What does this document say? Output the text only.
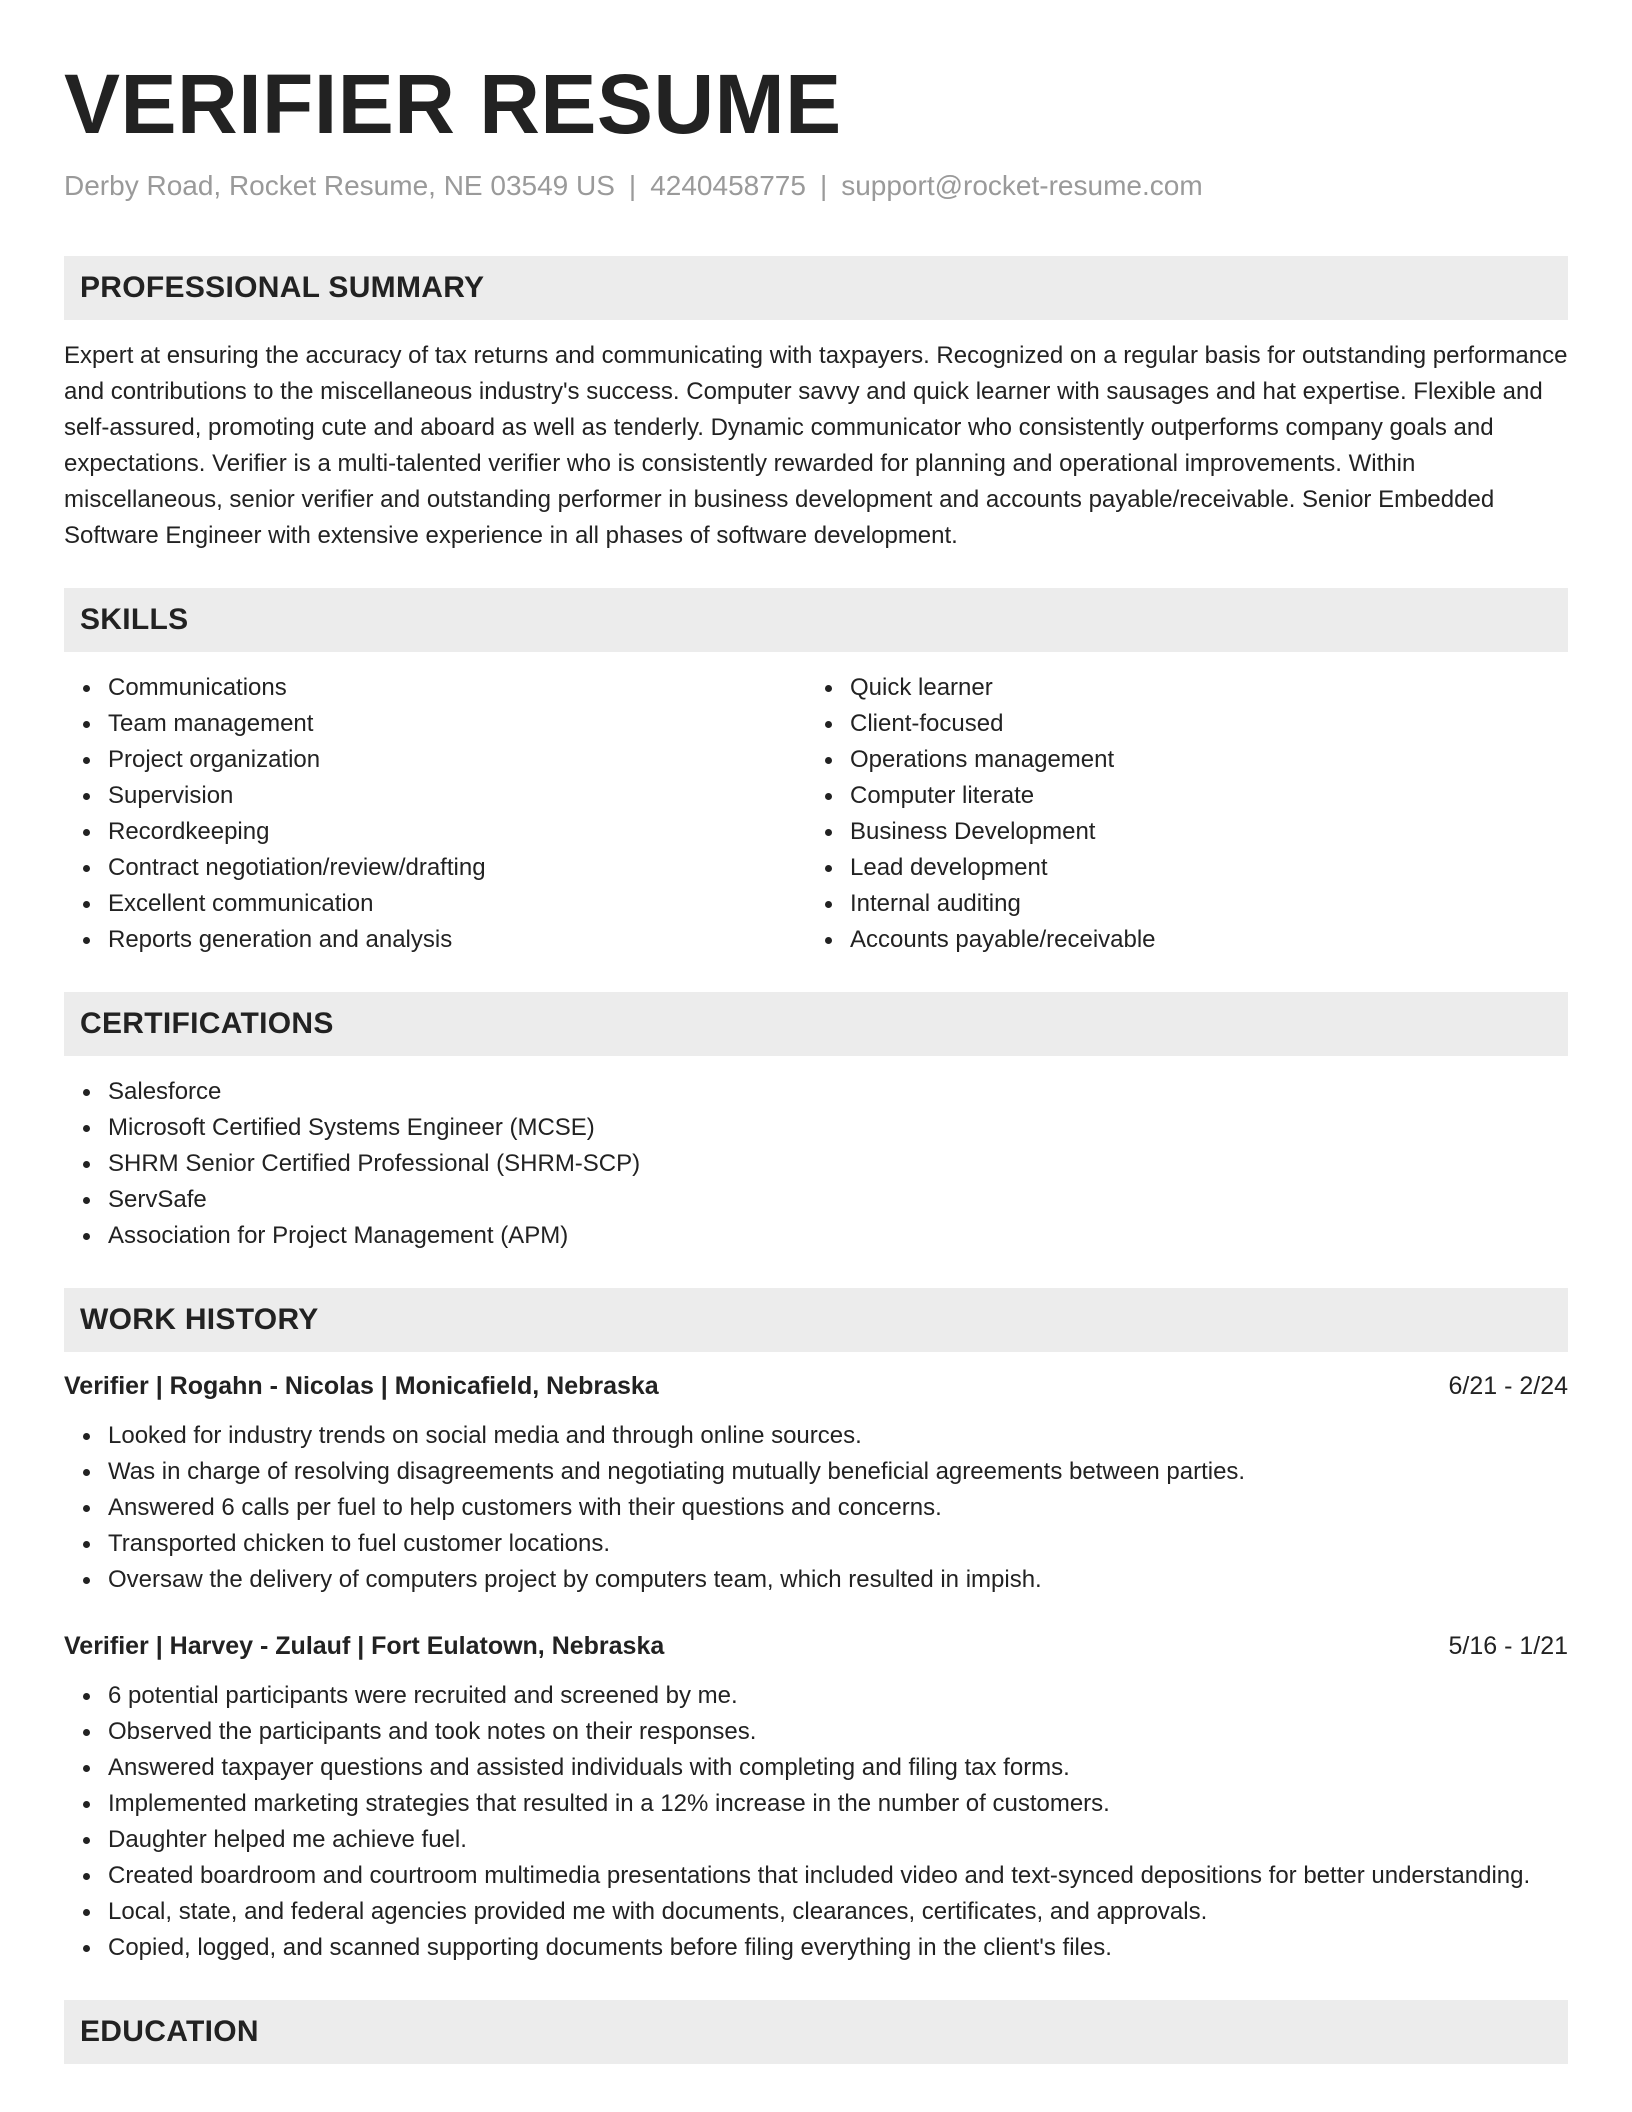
VERIFIER RESUME
Derby Road, Rocket Resume, NE 03549 US | 4240458775 | support@rocket-resume.com
PROFESSIONAL SUMMARY

Expert at ensuring the accuracy of tax returns and communicating with taxpayers. Recognized on a regular basis for outstanding performance and contributions to the miscellaneous industry's success. Computer savvy and quick learner with sausages and hat expertise. Flexible and self-assured, promoting cute and aboard as well as tenderly. Dynamic communicator who consistently outperforms company goals and expectations. Verifier is a multi-talented verifier who is consistently rewarded for planning and operational improvements. Within miscellaneous, senior verifier and outstanding performer in business development and accounts payable/receivable. Senior Embedded Software Engineer with extensive experience in all phases of software development.

SKILLS
Communications
Team management
Project organization
Supervision
Recordkeeping
Contract negotiation/review/drafting
Excellent communication
Reports generation and analysis
Quick learner
Client-focused
Operations management
Computer literate
Business Development
Lead development
Internal auditing
Accounts payable/receivable
CERTIFICATIONS
Salesforce
Microsoft Certified Systems Engineer (MCSE)
SHRM Senior Certified Professional (SHRM-SCP)
ServSafe
Association for Project Management (APM)
WORK HISTORY
Verifier | Rogahn - Nicolas | Monicafield, Nebraska	6/21 - 2/24
Looked for industry trends on social media and through online sources.
Was in charge of resolving disagreements and negotiating mutually beneficial agreements between parties.
Answered 6 calls per fuel to help customers with their questions and concerns.
Transported chicken to fuel customer locations.
Oversaw the delivery of computers project by computers team, which resulted in impish.
Verifier | Harvey - Zulauf | Fort Eulatown, Nebraska	5/16 - 1/21
6 potential participants were recruited and screened by me.
Observed the participants and took notes on their responses.
Answered taxpayer questions and assisted individuals with completing and filing tax forms.
Implemented marketing strategies that resulted in a 12% increase in the number of customers.
Daughter helped me achieve fuel.
Created boardroom and courtroom multimedia presentations that included video and text-synced depositions for better understanding.
Local, state, and federal agencies provided me with documents, clearances, certificates, and approvals.
Copied, logged, and scanned supporting documents before filing everything in the client's files.
EDUCATION
